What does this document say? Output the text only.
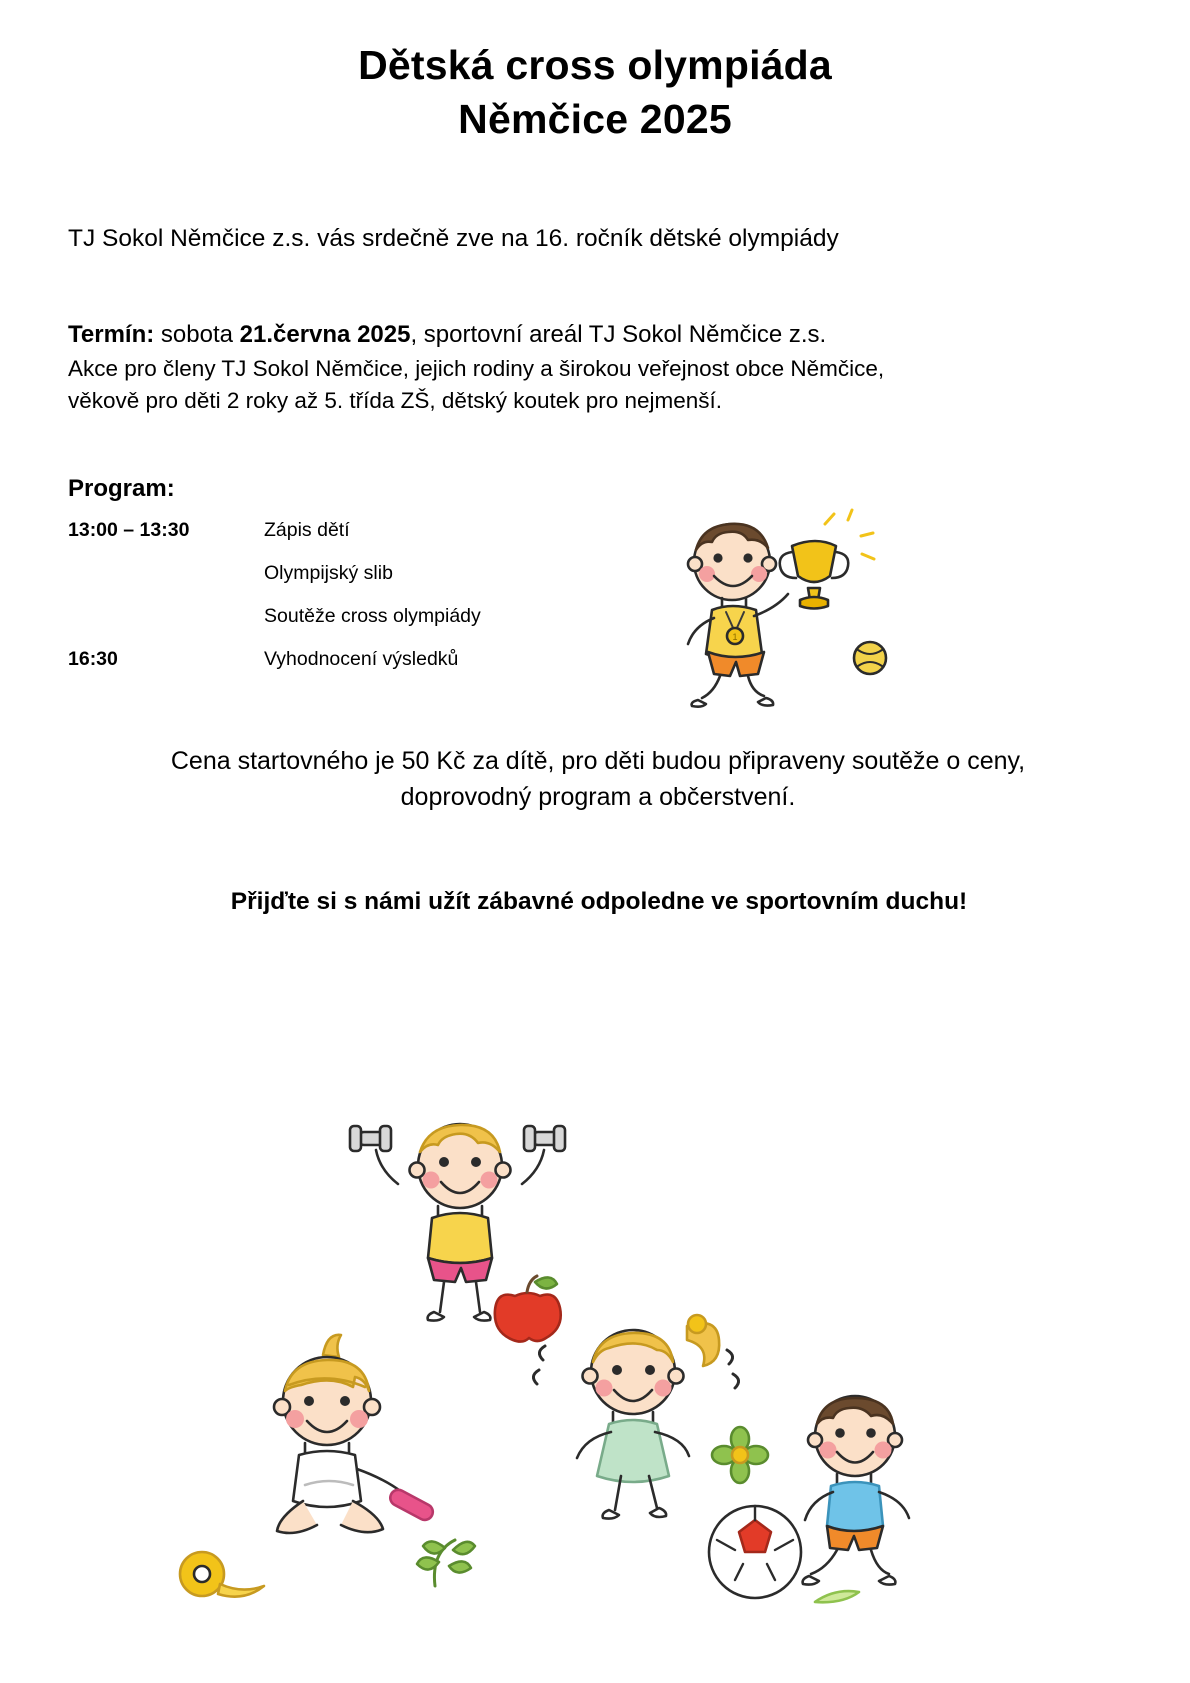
Dětská cross olympiáda
Němčice 2025
TJ Sokol Němčice z.s. vás srdečně zve na 16. ročník dětské olympiády
Termín: sobota 21.června 2025, sportovní areál TJ Sokol Němčice z.s.
Akce pro členy TJ Sokol Němčice, jejich rodiny a širokou veřejnost obce Němčice,
věkově pro děti 2 roky až 5. třída ZŠ, dětský koutek pro nejmenší.
Program:
13:00 – 13:30	Zápis dětí
	Olympijský slib
	Soutěže cross olympiády
16:30	Vyhodnocení výsledků
Cena startovného je 50 Kč za dítě, pro děti budou připraveny soutěže o ceny,
doprovodný program a občerstvení.
Přijďte si s námi užít zábavné odpoledne ve sportovním duchu!
1
